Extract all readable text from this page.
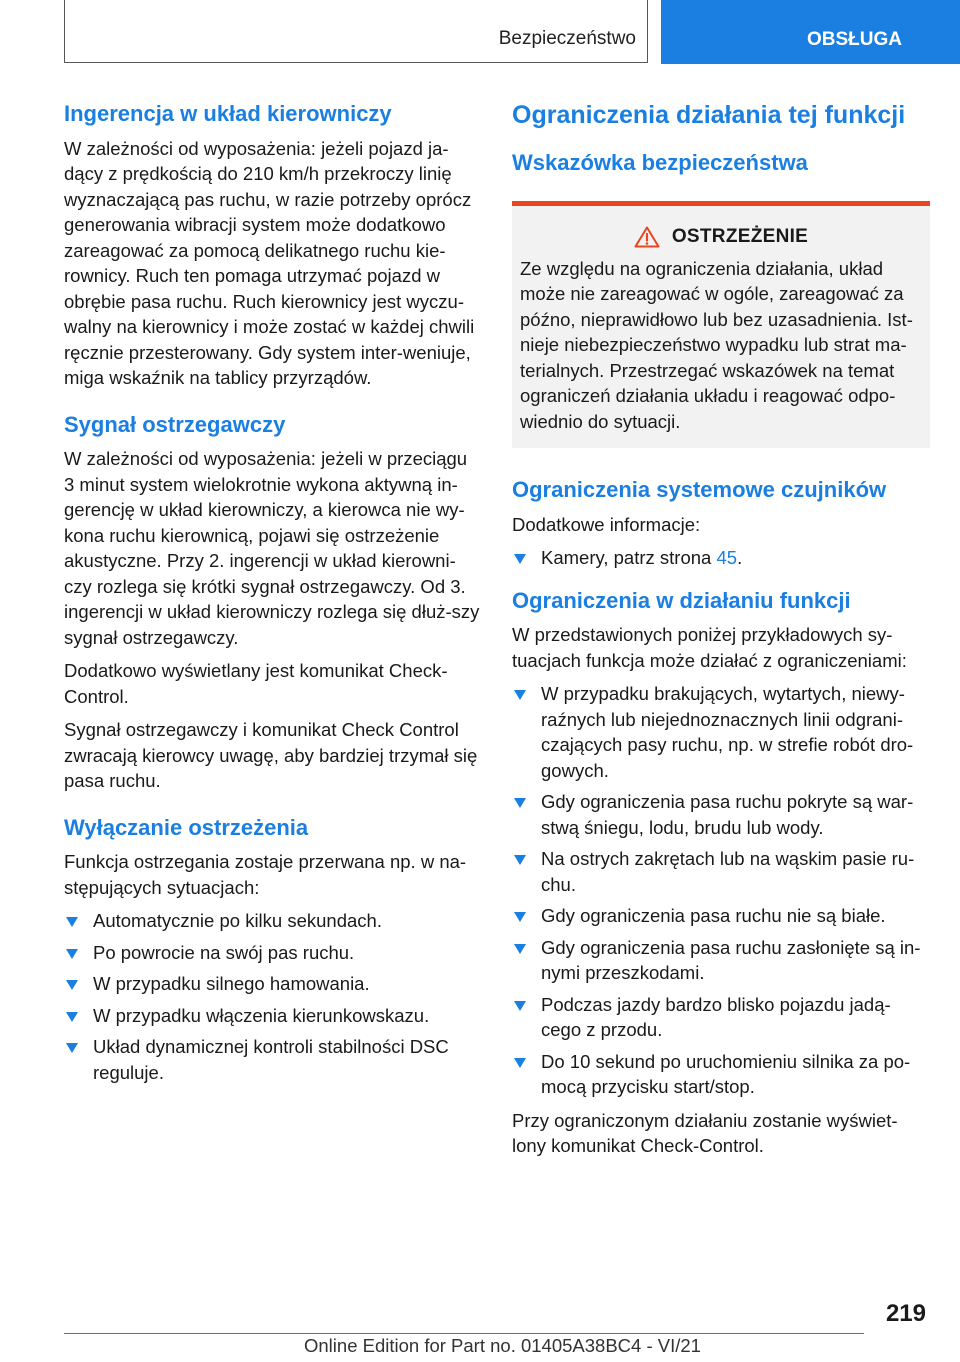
Bezpieczeństwo	OBSŁUGA
Ingerencja w układ kierowniczy

W zależności od wyposażenia: jeżeli pojazd ja-dący z prędkością do 210 km/h przekroczy linię wyznaczającą pas ruchu, w razie potrzeby oprócz generowania wibracji system może dodatkowo zareagować za pomocą delikatnego ruchu kie-rownicy. Ruch ten pomaga utrzymać pojazd w obrębie pasa ruchu. Ruch kierownicy jest wyczu-walny na kierownicy i może zostać w każdej chwili ręcznie przesterowany. Gdy system inter-weniuje, miga wskaźnik na tablicy przyrządów.

Sygnał ostrzegawczy

W zależności od wyposażenia: jeżeli w przeciągu 3 minut system wielokrotnie wykona aktywną in-gerencję w układ kierowniczy, a kierowca nie wy-kona ruchu kierownicą, pojawi się ostrzeżenie akustyczne. Przy 2. ingerencji w układ kierowni-czy rozlega się krótki sygnał ostrzegawczy. Od 3. ingerencji w układ kierowniczy rozlega się dłuż-szy sygnał ostrzegawczy.

Dodatkowo wyświetlany jest komunikat Check-Control.

Sygnał ostrzegawczy i komunikat Check Control zwracają kierowcy uwagę, aby bardziej trzymał się pasa ruchu.

Wyłączanie ostrzeżenia

Funkcja ostrzegania zostaje przerwana np. w na-stępujących sytuacjach:

Automatycznie po kilku sekundach.
Po powrocie na swój pas ruchu.
W przypadku silnego hamowania.
W przypadku włączenia kierunkowskazu.
Układ dynamicznej kontroli stabilności DSC reguluje.
Ograniczenia działania tej funkcji
Wskazówka bezpieczeństwa
OSTRZEŻENIE

Ze względu na ograniczenia działania, układ może nie zareagować w ogóle, zareagować za późno, nieprawidłowo lub bez uzasadnienia. Ist-nieje niebezpieczeństwo wypadku lub strat ma-terialnych. Przestrzegać wskazówek na temat ograniczeń działania układu i reagować odpo-wiednio do sytuacji.

Ograniczenia systemowe czujników

Dodatkowe informacje:

Kamery, patrz strona 45.
Ograniczenia w działaniu funkcji

W przedstawionych poniżej przykładowych sy-tuacjach funkcja może działać z ograniczeniami:

W przypadku brakujących, wytartych, niewy-raźnych lub niejednoznacznych linii odgrani-czających pasy ruchu, np. w strefie robót dro-gowych.
Gdy ograniczenia pasa ruchu pokryte są war-stwą śniegu, lodu, brudu lub wody.
Na ostrych zakrętach lub na wąskim pasie ru-chu.
Gdy ograniczenia pasa ruchu nie są białe.
Gdy ograniczenia pasa ruchu zasłonięte są in-nymi przeszkodami.
Podczas jazdy bardzo blisko pojazdu jadą-cego z przodu.
Do 10 sekund po uruchomieniu silnika za po-mocą przycisku start/stop.

Przy ograniczonym działaniu zostanie wyświet-lony komunikat Check-Control.

219
Online Edition for Part no. 01405A38BC4 - VI/21
